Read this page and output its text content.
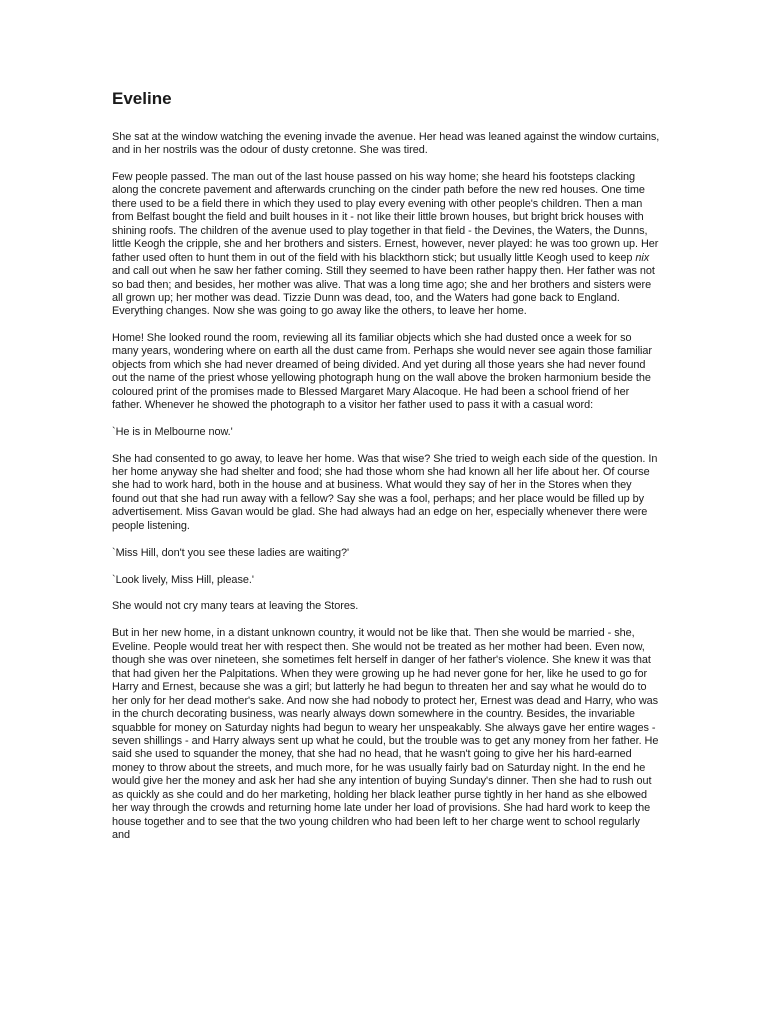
Eveline

She sat at the window watching the evening invade the avenue. Her head was leaned against the window curtains, and in her nostrils was the odour of dusty cretonne. She was tired.

Few people passed. The man out of the last house passed on his way home; she heard his footsteps clacking along the concrete pavement and afterwards crunching on the cinder path before the new red houses. One time there used to be a field there in which they used to play every evening with other people's children. Then a man from Belfast bought the field and built houses in it - not like their little brown houses, but bright brick houses with shining roofs. The children of the avenue used to play together in that field - the Devines, the Waters, the Dunns, little Keogh the cripple, she and her brothers and sisters. Ernest, however, never played: he was too grown up. Her father used often to hunt them in out of the field with his blackthorn stick; but usually little Keogh used to keep nix and call out when he saw her father coming. Still they seemed to have been rather happy then. Her father was not so bad then; and besides, her mother was alive. That was a long time ago; she and her brothers and sisters were all grown up; her mother was dead. Tizzie Dunn was dead, too, and the Waters had gone back to England. Everything changes. Now she was going to go away like the others, to leave her home.

Home! She looked round the room, reviewing all its familiar objects which she had dusted once a week for so many years, wondering where on earth all the dust came from. Perhaps she would never see again those familiar objects from which she had never dreamed of being divided. And yet during all those years she had never found out the name of the priest whose yellowing photograph hung on the wall above the broken harmonium beside the coloured print of the promises made to Blessed Margaret Mary Alacoque. He had been a school friend of her father. Whenever he showed the photograph to a visitor her father used to pass it with a casual word:

`He is in Melbourne now.'

She had consented to go away, to leave her home. Was that wise? She tried to weigh each side of the question. In her home anyway she had shelter and food; she had those whom she had known all her life about her. Of course she had to work hard, both in the house and at business. What would they say of her in the Stores when they found out that she had run away with a fellow? Say she was a fool, perhaps; and her place would be filled up by advertisement. Miss Gavan would be glad. She had always had an edge on her, especially whenever there were people listening.

`Miss Hill, don't you see these ladies are waiting?'

`Look lively, Miss Hill, please.'

She would not cry many tears at leaving the Stores.

But in her new home, in a distant unknown country, it would not be like that. Then she would be married - she, Eveline. People would treat her with respect then. She would not be treated as her mother had been. Even now, though she was over nineteen, she sometimes felt herself in danger of her father's violence. She knew it was that that had given her the Palpitations. When they were growing up he had never gone for her, like he used to go for Harry and Ernest, because she was a girl; but latterly he had begun to threaten her and say what he would do to her only for her dead mother's sake. And now she had nobody to protect her, Ernest was dead and Harry, who was in the church decorating business, was nearly always down somewhere in the country. Besides, the invariable squabble for money on Saturday nights had begun to weary her unspeakably. She always gave her entire wages - seven shillings - and Harry always sent up what he could, but the trouble was to get any money from her father. He said she used to squander the money, that she had no head, that he wasn't going to give her his hard-earned money to throw about the streets, and much more, for he was usually fairly bad on Saturday night. In the end he would give her the money and ask her had she any intention of buying Sunday's dinner. Then she had to rush out as quickly as she could and do her marketing, holding her black leather purse tightly in her hand as she elbowed her way through the crowds and returning home late under her load of provisions. She had hard work to keep the house together and to see that the two young children who had been left to her charge went to school regularly and
